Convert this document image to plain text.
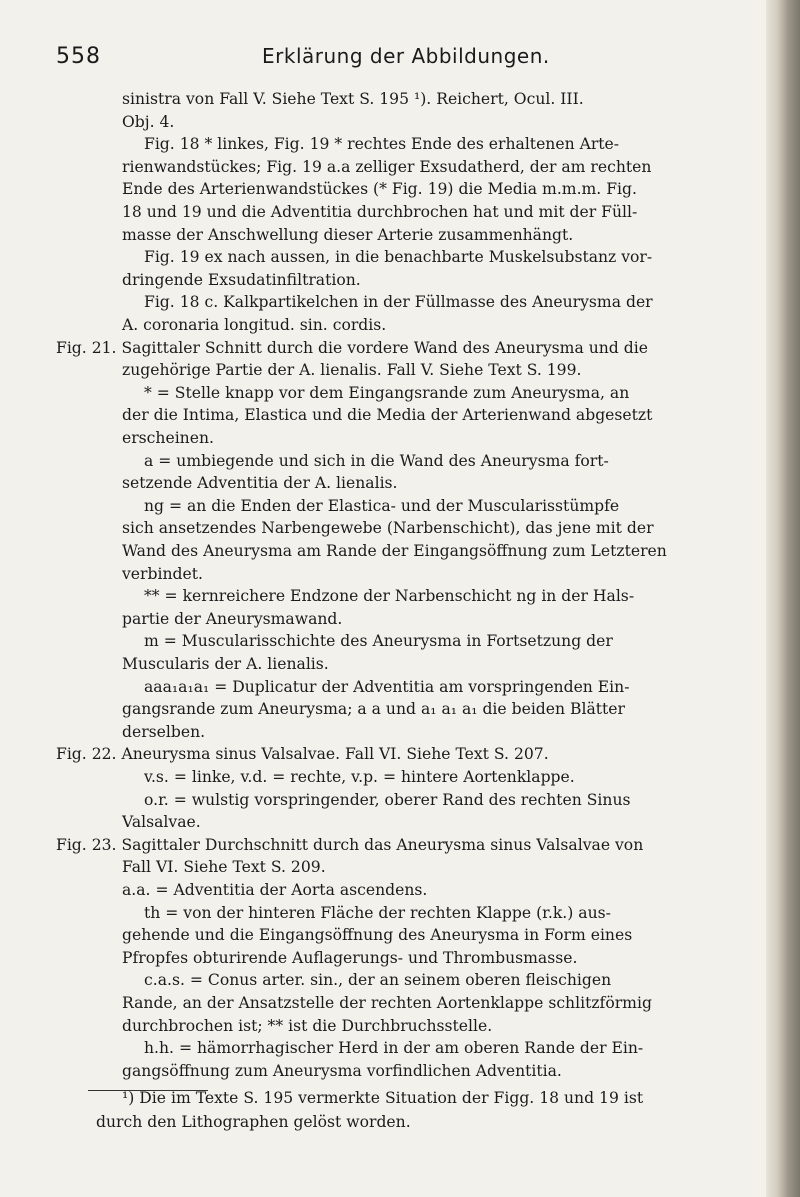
558	Erklärung der Abbildungen.
sinistra von Fall V. Siehe Text S. 195 ¹). Reichert, Ocul. III.
Obj. 4.
Fig. 18 * linkes, Fig. 19 * rechtes Ende des erhaltenen Arte-
rienwandstückes; Fig. 19 a.a zelliger Exsudatherd, der am rechten
Ende des Arterienwandstückes (* Fig. 19) die Media m.m.m. Fig.
18 und 19 und die Adventitia durchbrochen hat und mit der Füll-
masse der Anschwellung dieser Arterie zusammenhängt.
Fig. 19 ex nach aussen, in die benachbarte Muskelsubstanz vor-
dringende Exsudatinfiltration.
Fig. 18 c. Kalkpartikelchen in der Füllmasse des Aneurysma der
A. coronaria longitud. sin. cordis.
Fig. 21. Sagittaler Schnitt durch die vordere Wand des Aneurysma und die
zugehörige Partie der A. lienalis. Fall V. Siehe Text S. 199.
* = Stelle knapp vor dem Eingangsrande zum Aneurysma, an
der die Intima, Elastica und die Media der Arterienwand abgesetzt
erscheinen.
a = umbiegende und sich in die Wand des Aneurysma fort-
setzende Adventitia der A. lienalis.
ng = an die Enden der Elastica- und der Muscularisstümpfe
sich ansetzendes Narbengewebe (Narbenschicht), das jene mit der
Wand des Aneurysma am Rande der Eingangsöffnung zum Letzteren
verbindet.
** = kernreichere Endzone der Narbenschicht ng in der Hals-
partie der Aneurysmawand.
m = Muscularisschichte des Aneurysma in Fortsetzung der
Muscularis der A. lienalis.
aaa₁a₁a₁ = Duplicatur der Adventitia am vorspringenden Ein-
gangsrande zum Aneurysma; a a und a₁ a₁ a₁ die beiden Blätter
derselben.
Fig. 22. Aneurysma sinus Valsalvae. Fall VI. Siehe Text S. 207.
v.s. = linke, v.d. = rechte, v.p. = hintere Aortenklappe.
o.r. = wulstig vorspringender, oberer Rand des rechten Sinus
Valsalvae.
Fig. 23. Sagittaler Durchschnitt durch das Aneurysma sinus Valsalvae von
Fall VI. Siehe Text S. 209.
a.a. = Adventitia der Aorta ascendens.
th = von der hinteren Fläche der rechten Klappe (r.k.) aus-
gehende und die Eingangsöffnung des Aneurysma in Form eines
Pfropfes obturirende Auflagerungs- und Thrombusmasse.
c.a.s. = Conus arter. sin., der an seinem oberen fleischigen
Rande, an der Ansatzstelle der rechten Aortenklappe schlitzförmig
durchbrochen ist; ** ist die Durchbruchsstelle.
h.h. = hämorrhagischer Herd in der am oberen Rande der Ein-
gangsöffnung zum Aneurysma vorfindlichen Adventitia.
¹) Die im Texte S. 195 vermerkte Situation der Figg. 18 und 19 ist
durch den Lithographen gelöst worden.
